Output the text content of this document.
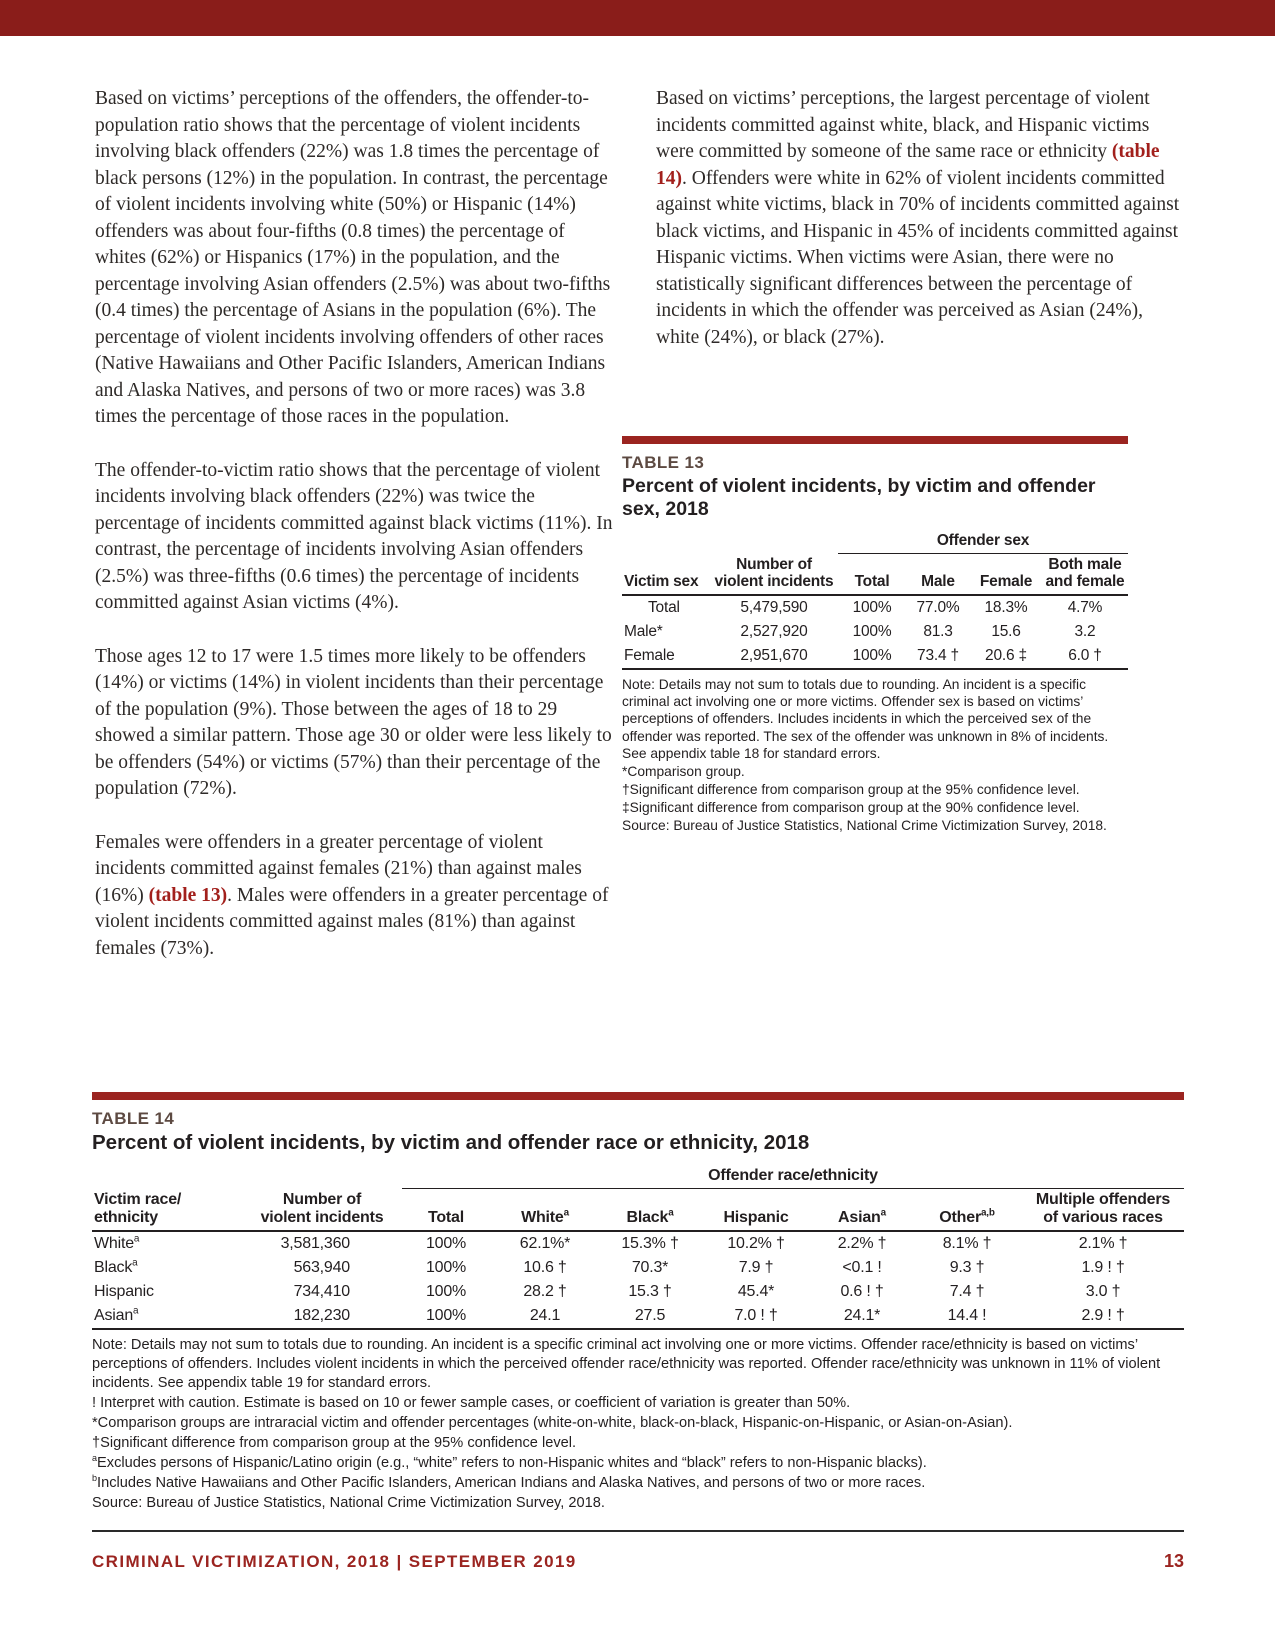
Based on victims’ perceptions of the offenders, the offender-to-population ratio shows that the percentage of violent incidents involving black offenders (22%) was 1.8 times the percentage of black persons (12%) in the population. In contrast, the percentage of violent incidents involving white (50%) or Hispanic (14%) offenders was about four-fifths (0.8 times) the percentage of whites (62%) or Hispanics (17%) in the population, and the percentage involving Asian offenders (2.5%) was about two-fifths (0.4 times) the percentage of Asians in the population (6%). The percentage of violent incidents involving offenders of other races (Native Hawaiians and Other Pacific Islanders, American Indians and Alaska Natives, and persons of two or more races) was 3.8 times the percentage of those races in the population.

The offender-to-victim ratio shows that the percentage of violent incidents involving black offenders (22%) was twice the percentage of incidents committed against black victims (11%). In contrast, the percentage of incidents involving Asian offenders (2.5%) was three-fifths (0.6 times) the percentage of incidents committed against Asian victims (4%).

Those ages 12 to 17 were 1.5 times more likely to be offenders (14%) or victims (14%) in violent incidents than their percentage of the population (9%). Those between the ages of 18 to 29 showed a similar pattern. Those age 30 or older were less likely to be offenders (54%) or victims (57%) than their percentage of the population (72%).

Females were offenders in a greater percentage of violent incidents committed against females (21%) than against males (16%) (table 13). Males were offenders in a greater percentage of violent incidents committed against males (81%) than against females (73%).

Based on victims’ perceptions, the largest percentage of violent incidents committed against white, black, and Hispanic victims were committed by someone of the same race or ethnicity (table 14). Offenders were white in 62% of violent incidents committed against white victims, black in 70% of incidents committed against black victims, and Hispanic in 45% of incidents committed against Hispanic victims. When victims were Asian, there were no statistically significant differences between the percentage of incidents in which the offender was perceived as Asian (24%), white (24%), or black (27%).

TABLE 13
Percent of violent incidents, by victim and offender sex, 2018
		Offender sex			
Victim sex	Number of
violent incidents	Total	Male	Female	Both male
and female
Total	5,479,590	100%	77.0%	18.3%	4.7%
Male*	2,527,920	100%	81.3	15.6	3.2
Female	2,951,670	100%	73.4 †	20.6 ‡	6.0 †
Note: Details may not sum to totals due to rounding. An incident is a specific criminal act involving one or more victims. Offender sex is based on victims’ perceptions of offenders. Includes incidents in which the perceived sex of the offender was reported. The sex of the offender was unknown in 8% of incidents. See appendix table 18 for standard errors.
*Comparison group.
†Significant difference from comparison group at the 95% confidence level.
‡Significant difference from comparison group at the 90% confidence level.
Source: Bureau of Justice Statistics, National Crime Victimization Survey, 2018.
TABLE 14
Percent of violent incidents, by victim and offender race or ethnicity, 2018
		Offender race/ethnicity						
Victim race/
ethnicity	Number of
violent incidents	Total	White$^a$	Black$^a$	Hispanic	Asian$^a$	Other$^{a,b}$	Multiple offenders
of various races
White$^a$	3,581,360	100%	62.1%*	15.3% †	10.2% †	2.2% †	8.1% †	2.1% †
Black$^a$	563,940	100%	10.6 †	70.3*	7.9 †	<0.1 !	9.3 †	1.9 ! †
Hispanic	734,410	100%	28.2 †	15.3 †	45.4*	0.6 ! †	7.4 †	3.0 †
Asian$^a$	182,230	100%	24.1	27.5	7.0 ! †	24.1*	14.4 !	2.9 ! †
Note: Details may not sum to totals due to rounding. An incident is a specific criminal act involving one or more victims. Offender race/ethnicity is based on victims’ perceptions of offenders. Includes violent incidents in which the perceived offender race/ethnicity was reported. Offender race/ethnicity was unknown in 11% of violent incidents. See appendix table 19 for standard errors.
! Interpret with caution. Estimate is based on 10 or fewer sample cases, or coefficient of variation is greater than 50%.
*Comparison groups are intraracial victim and offender percentages (white-on-white, black-on-black, Hispanic-on-Hispanic, or Asian-on-Asian).
†Significant difference from comparison group at the 95% confidence level.
$^a$Excludes persons of Hispanic/Latino origin (e.g., “white” refers to non-Hispanic whites and “black” refers to non-Hispanic blacks).
$^b$Includes Native Hawaiians and Other Pacific Islanders, American Indians and Alaska Natives, and persons of two or more races.
Source: Bureau of Justice Statistics, National Crime Victimization Survey, 2018.
CRIMINAL VICTIMIZATION, 2018 | SEPTEMBER 2019	13
